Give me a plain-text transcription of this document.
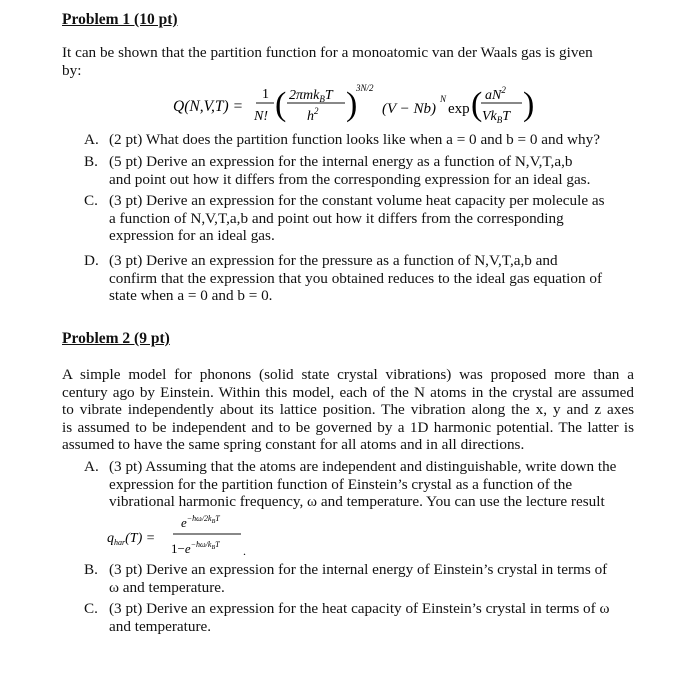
Problem 1 (10 pt)
It can be shown that the partition function for a monoatomic van der Waals gas is given
by:
Q(N,V,T) =
1
N! ( 2πmk$_B$T
$h^2$ )
3N/2
(V − Nb)
N
exp ( $aN^2$
$Vk_BT$ )
A. (2 pt) What does the partition function looks like when a = 0 and b = 0 and why?
B. (5 pt) Derive an expression for the internal energy as a function of N,V,T,a,b
and point out how it differs from the corresponding expression for an ideal gas.
C. (3 pt) Derive an expression for the constant volume heat capacity per molecule as
a function of N,V,T,a,b and point out how it differs from the corresponding
expression for an ideal gas.
D. (3 pt) Derive an expression for the pressure as a function of N,V,T,a,b and
confirm that the expression that you obtained reduces to the ideal gas equation of
state when a = 0 and b = 0.
Problem 2 (9 pt)
A simple model for phonons (solid state crystal vibrations) was proposed more than a
century ago by Einstein. Within this model, each of the N atoms in the crystal are assumed
to vibrate independently about its lattice position. The vibration along the x, y and z axes
is assumed to be independent and to be governed by a 1D harmonic potential. The latter is
assumed to have the same spring constant for all atoms and in all directions.
A. (3 pt) Assuming that the atoms are independent and distinguishable, write down the
expression for the partition function of Einstein’s crystal as a function of the
vibrational harmonic frequency, ω and temperature. You can use the lecture result
$q_{har}(T)$ =
$e^{-ħ\omega/2k}BT$
$1-e^{-ħ\omega/k}BT$ .
B. (3 pt) Derive an expression for the internal energy of Einstein’s crystal in terms of
ω and temperature.
C. (3 pt) Derive an expression for the heat capacity of Einstein’s crystal in terms of ω
and temperature.
